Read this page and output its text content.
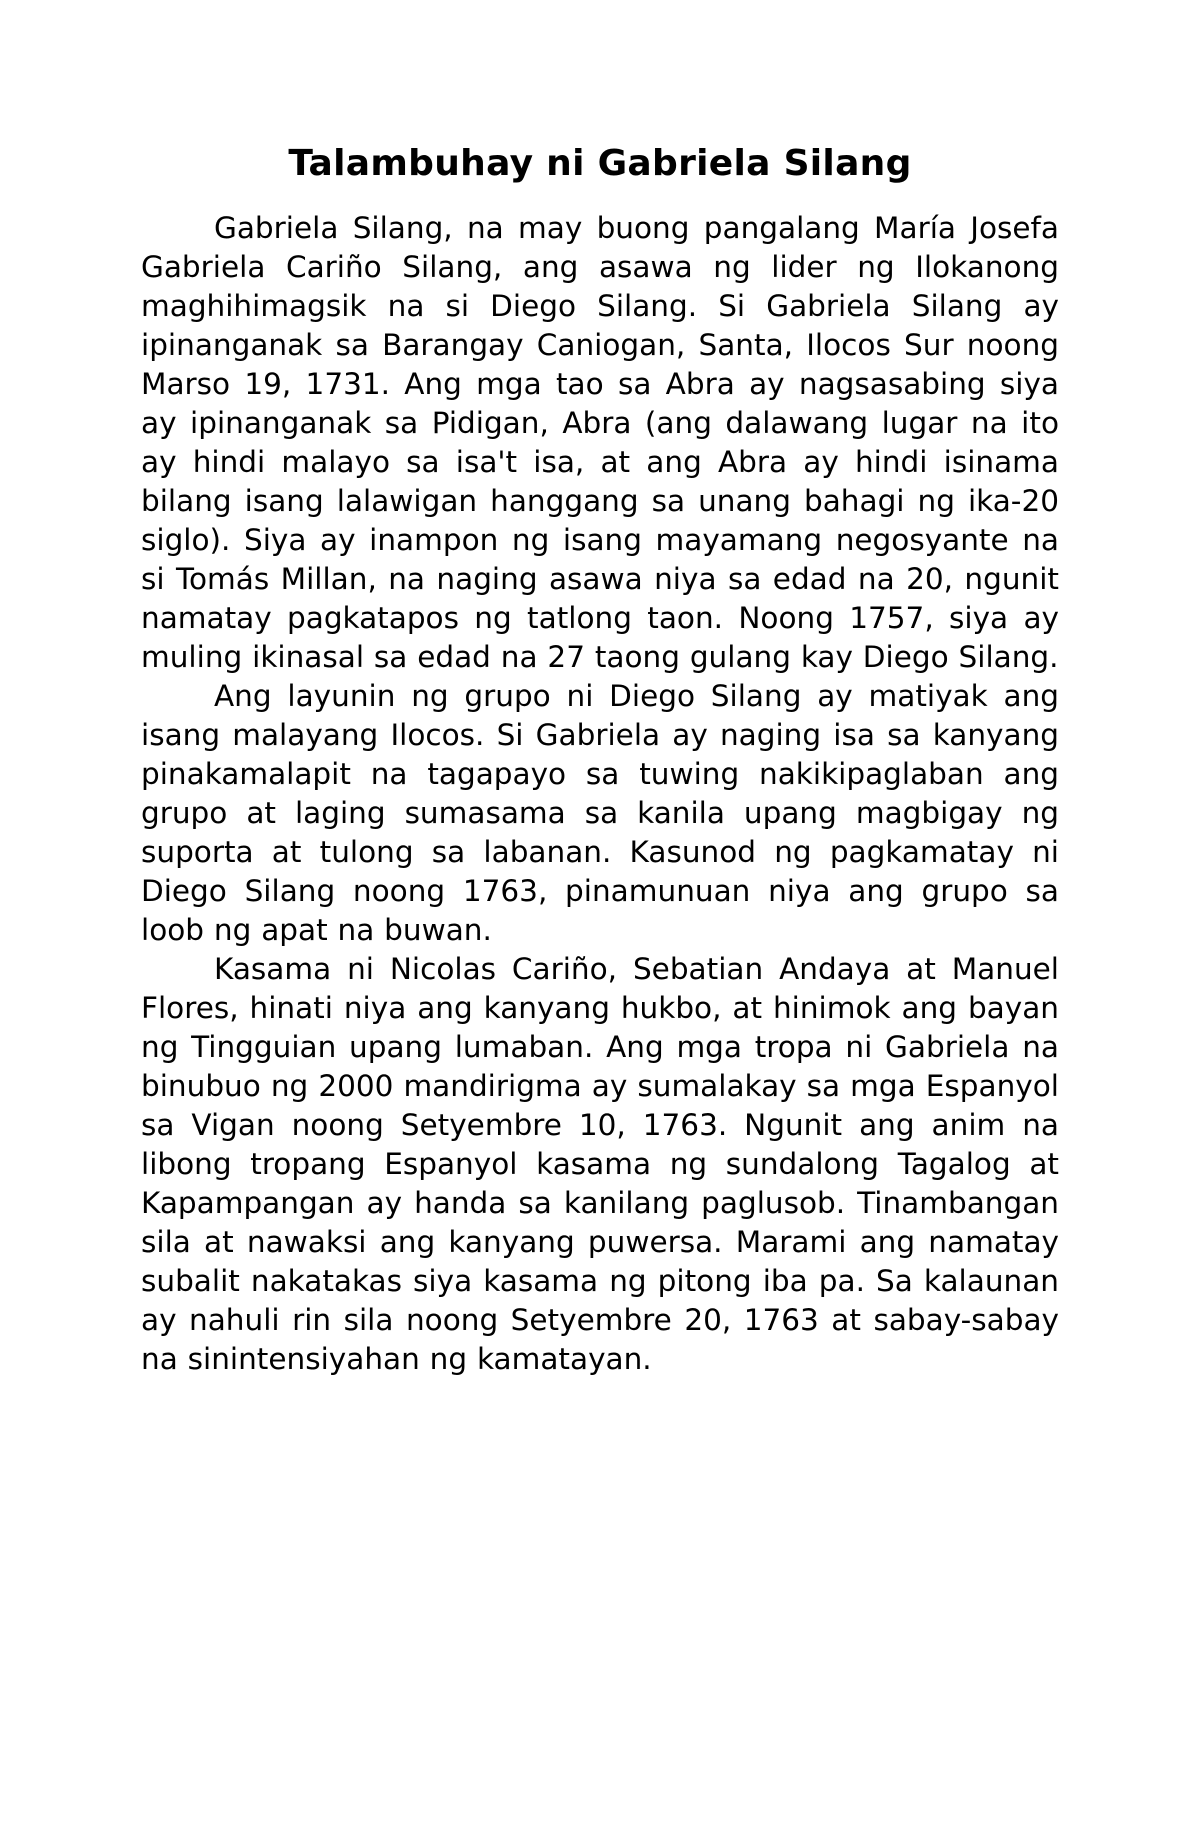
Talambuhay ni Gabriela Silang

Gabriela Silang, na may buong pangalang María Josefa Gabriela Cariño Silang, ang asawa ng lider ng Ilokanong maghihimagsik na si Diego Silang. Si Gabriela Silang ay ipinanganak sa Barangay Caniogan, Santa, Ilocos Sur noong Marso 19, 1731. Ang mga tao sa Abra ay nagsasabing siya ay ipinanganak sa Pidigan, Abra (ang dalawang lugar na ito ay hindi malayo sa isa't isa, at ang Abra ay hindi isinama bilang isang lalawigan hanggang sa unang bahagi ng ika-20 siglo). Siya ay inampon ng isang mayamang negosyante na si Tomás Millan, na naging asawa niya sa edad na 20, ngunit namatay pagkatapos ng tatlong taon. Noong 1757, siya ay muling ikinasal sa edad na 27 taong gulang kay Diego Silang.

Ang layunin ng grupo ni Diego Silang ay matiyak ang isang malayang Ilocos. Si Gabriela ay naging isa sa kanyang pinakamalapit na tagapayo sa tuwing nakikipaglaban ang grupo at laging sumasama sa kanila upang magbigay ng suporta at tulong sa labanan. Kasunod ng pagkamatay ni Diego Silang noong 1763, pinamunuan niya ang grupo sa loob ng apat na buwan.

Kasama ni Nicolas Cariño, Sebatian Andaya at Manuel Flores, hinati niya ang kanyang hukbo, at hinimok ang bayan ng Tingguian upang lumaban. Ang mga tropa ni Gabriela na binubuo ng 2000 mandirigma ay sumalakay sa mga Espanyol sa Vigan noong Setyembre 10, 1763. Ngunit ang anim na libong tropang Espanyol kasama ng sundalong Tagalog at Kapampangan ay handa sa kanilang paglusob. Tinambangan sila at nawaksi ang kanyang puwersa. Marami ang namatay subalit nakatakas siya kasama ng pitong iba pa. Sa kalaunan ay nahuli rin sila noong Setyembre 20, 1763 at sabay-sabay na sinintensiyahan ng kamatayan.
